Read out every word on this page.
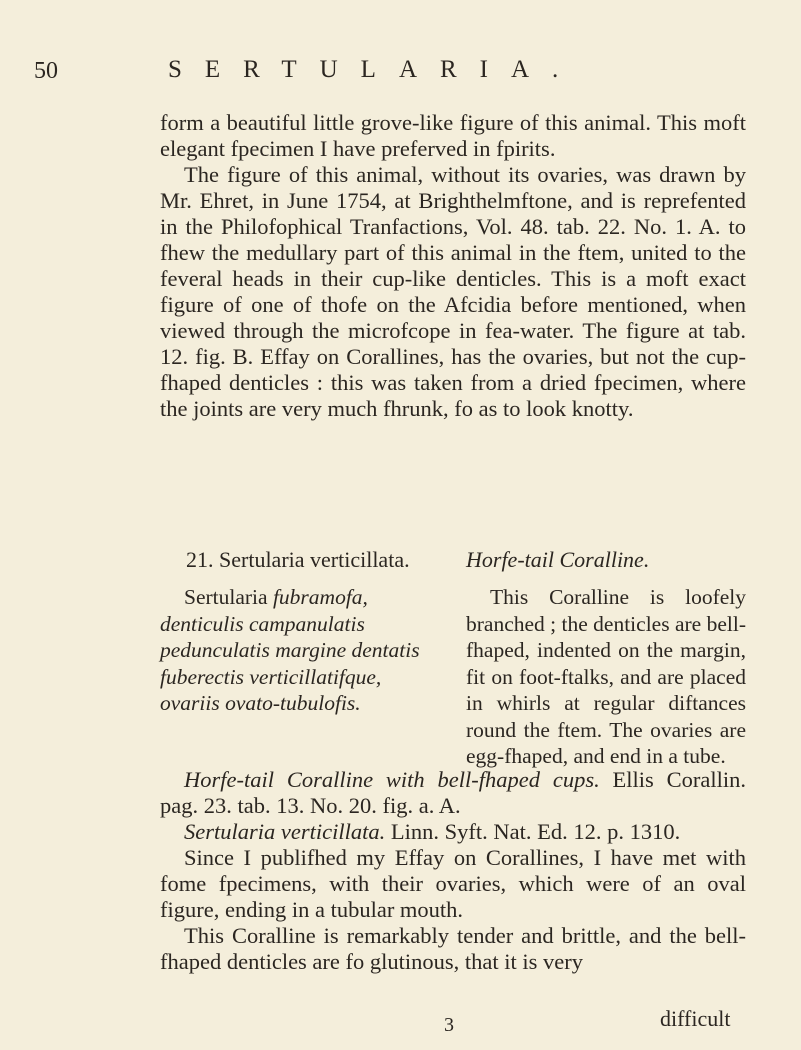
50	SERTULARIA.

form a beautiful little grove-like figure of this animal. This moft elegant fpecimen I have preferved in fpirits.

The figure of this animal, without its ovaries, was drawn by Mr. Ehret, in June 1754, at Brighthelmftone, and is reprefented in the Philofophical Tranfactions, Vol. 48. tab. 22. No. 1. A. to fhew the medullary part of this animal in the ftem, united to the feveral heads in their cup-like denticles. This is a moft exact figure of one of thofe on the Afcidia before mentioned, when viewed through the microfcope in fea-water. The figure at tab. 12. fig. B. Effay on Corallines, has the ovaries, but not the cup-fhaped denticles : this was taken from a dried fpecimen, where the joints are very much fhrunk, fo as to look knotty.

21. Sertularia verticillata.	Horfe-tail Coralline.

Sertularia fubramofa, denticulis campanulatis pedunculatis margine dentatis fuberectis verticillatifque, ovariis ovato-tubulofis.

This Coralline is loofely branched ; the denticles are bell-fhaped, indented on the margin, fit on foot-ftalks, and are placed in whirls at regular diftances round the ftem. The ovaries are egg-fhaped, and end in a tube.

Horfe-tail Coralline with bell-fhaped cups. Ellis Corallin. pag. 23. tab. 13. No. 20. fig. a. A.

Sertularia verticillata. Linn. Syft. Nat. Ed. 12. p. 1310.

Since I publifhed my Effay on Corallines, I have met with fome fpecimens, with their ovaries, which were of an oval figure, ending in a tubular mouth.

This Coralline is remarkably tender and brittle, and the bell-fhaped denticles are fo glutinous, that it is very

3	difficult
